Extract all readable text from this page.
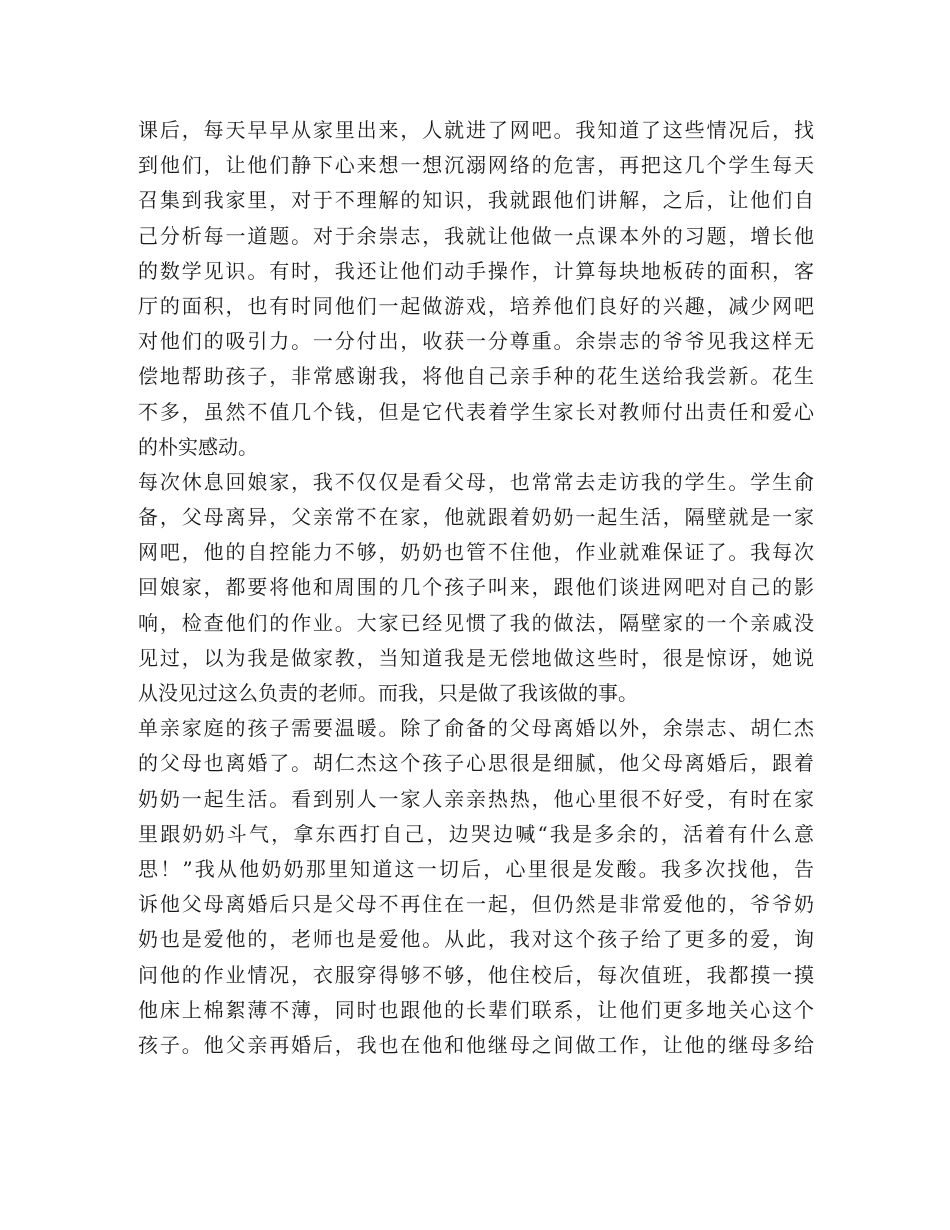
课后，每天早早从家里出来，人就进了网吧。我知道了这些情况后，找
到他们，让他们静下心来想一想沉溺网络的危害，再把这几个学生每天
召集到我家里，对于不理解的知识，我就跟他们讲解，之后，让他们自
己分析每一道题。对于余崇志，我就让他做一点课本外的习题，增长他
的数学见识。有时，我还让他们动手操作，计算每块地板砖的面积，客
厅的面积，也有时同他们一起做游戏，培养他们良好的兴趣，减少网吧
对他们的吸引力。一分付出，收获一分尊重。余崇志的爷爷见我这样无
偿地帮助孩子，非常感谢我，将他自己亲手种的花生送给我尝新。花生
不多，虽然不值几个钱，但是它代表着学生家长对教师付出责任和爱心
的朴实感动。
每次休息回娘家，我不仅仅是看父母，也常常去走访我的学生。学生俞
备，父母离异，父亲常不在家，他就跟着奶奶一起生活，隔壁就是一家
网吧，他的自控能力不够，奶奶也管不住他，作业就难保证了。我每次
回娘家，都要将他和周围的几个孩子叫来，跟他们谈进网吧对自己的影
响，检查他们的作业。大家已经见惯了我的做法，隔壁家的一个亲戚没
见过，以为我是做家教，当知道我是无偿地做这些时，很是惊讶，她说
从没见过这么负责的老师。而我，只是做了我该做的事。
单亲家庭的孩子需要温暖。除了俞备的父母离婚以外，余崇志、胡仁杰
的父母也离婚了。胡仁杰这个孩子心思很是细腻，他父母离婚后，跟着
奶奶一起生活。看到别人一家人亲亲热热，他心里很不好受，有时在家
里跟奶奶斗气，拿东西打自己，边哭边喊“我是多余的，活着有什么意
思！”我从他奶奶那里知道这一切后，心里很是发酸。我多次找他，告
诉他父母离婚后只是父母不再住在一起，但仍然是非常爱他的，爷爷奶
奶也是爱他的，老师也是爱他。从此，我对这个孩子给了更多的爱，询
问他的作业情况，衣服穿得够不够，他住校后，每次值班，我都摸一摸
他床上棉絮薄不薄，同时也跟他的长辈们联系，让他们更多地关心这个
孩子。他父亲再婚后，我也在他和他继母之间做工作，让他的继母多给
